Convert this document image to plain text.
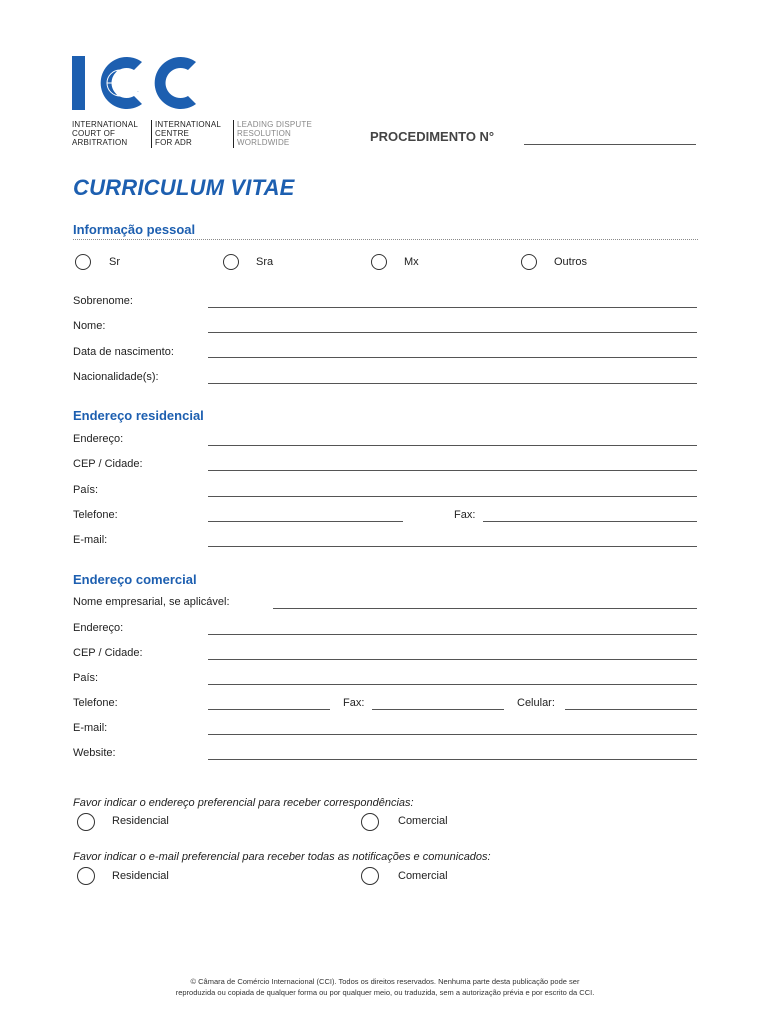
ICC
INTERNATIONAL
COURT OF
ARBITRATION
INTERNATIONAL
CENTRE
FOR ADR
LEADING DISPUTE
RESOLUTION
WORLDWIDE	PROCEDIMENTO N°
CURRICULUM VITAE
Informação pessoal
Sr	Sra	Mx	Outros
Sobrenome:
Nome:
Data de nascimento:
Nacionalidade(s):
Endereço residencial
Endereço:
CEP / Cidade:
País:
Telefone:	Fax:
E-mail:
Endereço comercial
Nome empresarial, se aplicável:
Endereço:
CEP / Cidade:
País:
Telefone:	Fax:	Celular:
E-mail:
Website:
Favor indicar o endereço preferencial para receber correspondências:
Residencial	Comercial
Favor indicar o e-mail preferencial para receber todas as notificações e comunicados:
Residencial	Comercial
© Câmara de Comércio Internacional (CCI). Todos os direitos reservados. Nenhuma parte desta publicação pode ser
reproduzida ou copiada de qualquer forma ou por qualquer meio, ou traduzida, sem a autorização prévia e por escrito da CCI.
